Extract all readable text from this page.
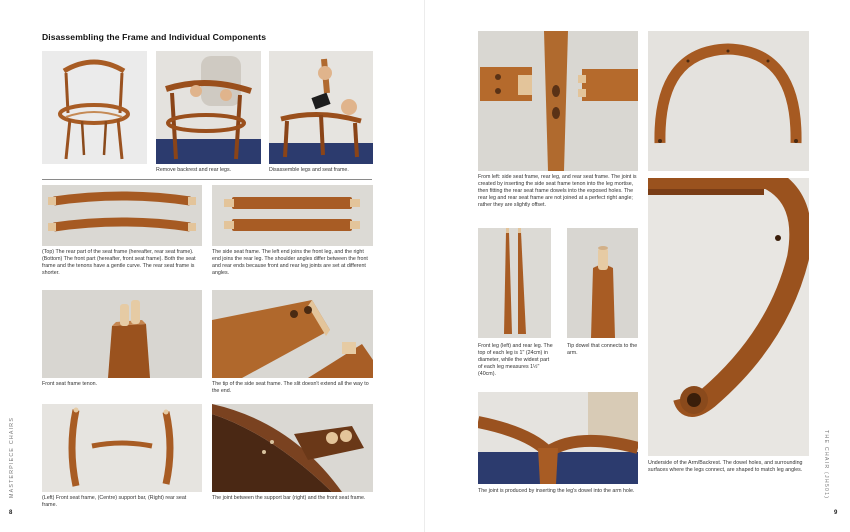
Disassembling the Frame and Individual Components
Remove backrest and rear legs.	Disassemble legs and seat frame.
(Top) The rear part of the seat frame (hereafter, rear seat frame). (Bottom) The front part (hereafter, front seat frame). Both the seat frame and the tenons have a gentle curve. The rear seat frame is shorter.
The side seat frame. The left end joins the front leg, and the right end joins the rear leg. The shoulder angles differ between the front and rear ends because front and rear leg joints are set at different angles.
Front seat frame tenon.	The tip of the side seat frame. The slit doesn't extend all the way to the end.
(Left) Front seat frame, (Centre) support bar, (Right) rear seat frame.
The joint between the support bar (right) and the front seat frame.
8
MASTERPIECE CHAIRS
From left: side seat frame, rear leg, and rear seat frame. The joint is created by inserting the side seat frame tenon into the leg mortise, then fitting the rear seat frame dowels into the exposed holes. The rear leg and rear seat frame are not joined at a perfect right angle; rather they are slightly offset.
Front leg (left) and rear leg. The top of each leg is 1" (24cm) in diameter, while the widest part of each leg measures 1½" (40cm).
Tip dowel that connects to the arm.
The joint is produced by inserting the leg's dowel into the arm hole.
Underside of the Arm/Backrest. The dowel holes, and surrounding surfaces where the legs connect, are shaped to match leg angles.
9
THE CHAIR (JH501)
